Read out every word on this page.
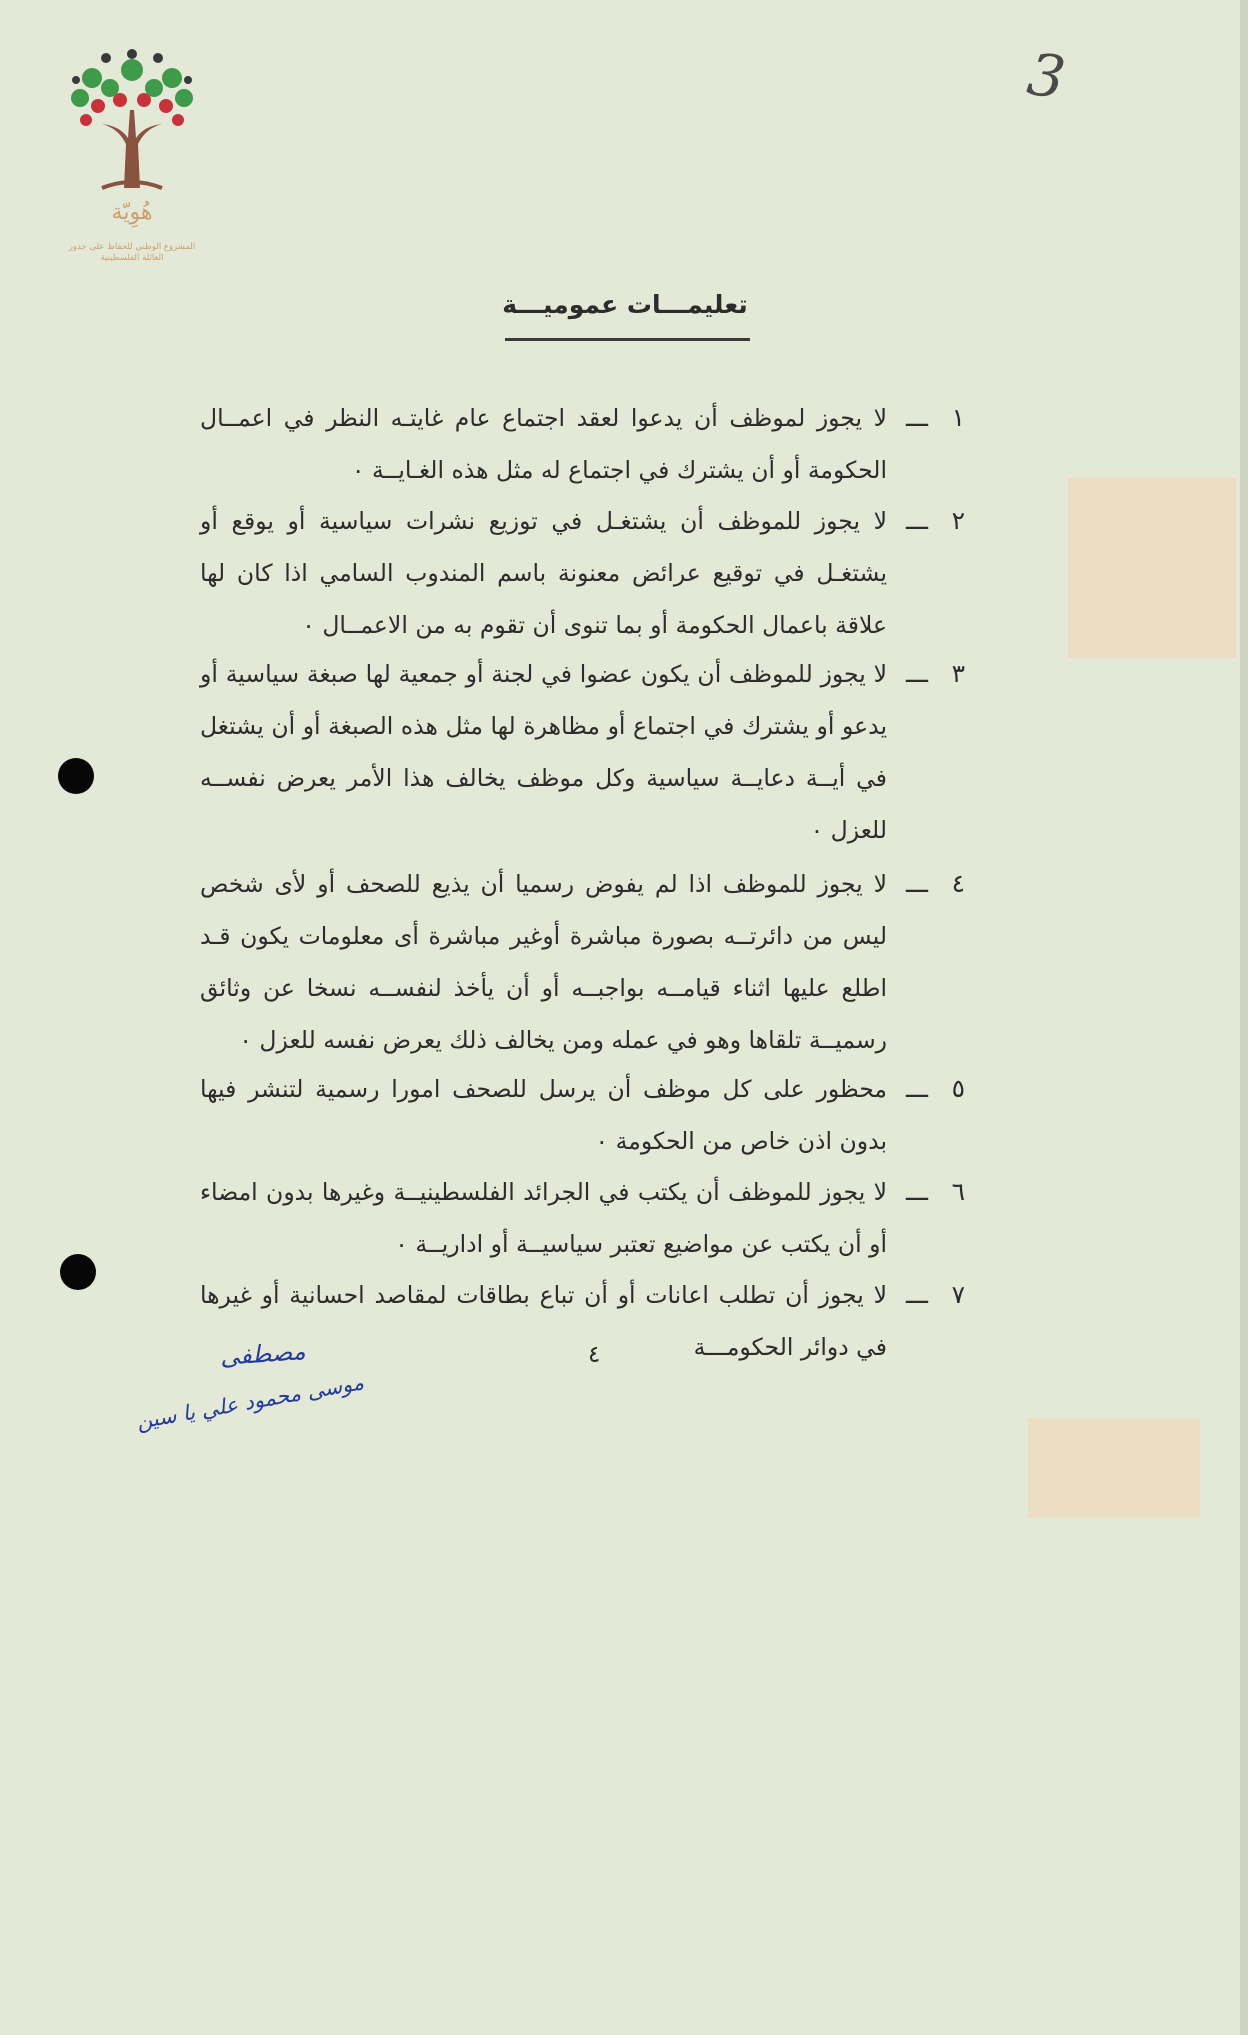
هُوِيّة
المشروع الوطني للحفاظ على جذور العائلة الفلسطينية
3
تعليمـــات عموميـــة
١
ـــ
لا يجوز لموظف أن يدعوا لعقد اجتماع عام غايتـه النظر في اعمــال الحكومة أو أن يشترك في اجتماع له مثل هذه الغـايــة ٠
٢
ـــ
لا يجوز للموظف أن يشتغـل في توزيع نشرات سياسية أو يوقع أو يشتغـل في توقيع عرائض معنونة باسم المندوب السامي اذا كان لها علاقة باعمال الحكومة أو بما تنوى أن تقوم به من الاعمــال ٠
٣
ـــ
لا يجوز للموظف أن يكون عضوا في لجنة أو جمعية لها صبغة سياسية أو يدعو أو يشترك في اجتماع أو مظاهرة لها مثل هذه الصبغة أو أن يشتغل في أيــة دعايــة سياسية وكل موظف يخالف هذا الأمر يعرض نفســه للعزل ٠
٤
ـــ
لا يجوز للموظف اذا لم يفوض رسميا أن يذيع للصحف أو لأى شخص ليس من دائرتــه بصورة مباشرة أوغير مباشرة أى معلومات يكون قـد اطلع عليها اثناء قيامــه بواجبــه أو أن يأخذ لنفســه نسخا عن وثائق رسميــة تلقاها وهو في عمله ومن يخالف ذلك يعرض نفسه للعزل ٠
٥
ـــ
محظور على كل موظف أن يرسل للصحف امورا رسمية لتنشر فيها بدون اذن خاص من الحكومة ٠
٦
ـــ
لا يجوز للموظف أن يكتب في الجرائد الفلسطينيــة وغيرها بدون امضاء أو أن يكتب عن مواضيع تعتبر سياسيــة أو اداريــة ٠
٧
ـــ
لا يجوز أن تطلب اعانات أو أن تباع بطاقات لمقاصد احسانية أو غيرها في دوائر الحكومـــة
٤
مصطفى
موسى محمود علي يا سين
